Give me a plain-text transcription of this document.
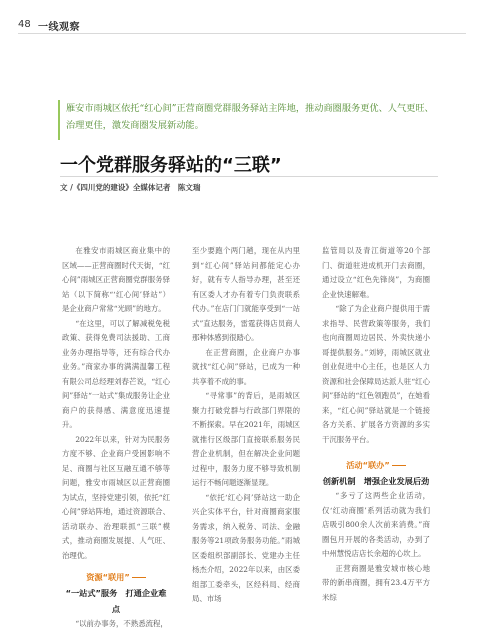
48 一线观察
雁安市雨城区依托“红心间”正营商圈党群服务驿站主阵地，推动商圈服务更优、人气更旺、治理更佳，激发商圈发展新动能。
一个党群服务驿站的“三联”
文 /《四川党的建设》全媒体记者　陈文瑞

在雅安市雨城区商业集中的区域——正营商圈时代天街，“红心间”雨城区正营商圈党群服务驿站（以下简称“‘红心间’驿站”）是企业商户常常“光顾”的地方。

“在这里，可以了解减税免税政策、获得免费司法援助、工商业务办理指导等，还有综合代办业务。”商家办事的满满温馨工程有限公司总经理刘春芒说，“红心间”驿站“一站式”集成服务让企业商户的获得感、满意度迅速提升。

2022年以来，针对为民服务方度不够、企业商户受困影响不足、商圈与社区互融互通不够等问题，雅安市雨城区以正营商圈为试点，坚持党建引领，依托“红心间”驿站阵地，通过资源联合、活动联办、治理联抓“三联”模式，推动商圈发展提、人气旺、治理优。

资源“联用”
“一站式”服务　打通企业难点

“以前办事务，不熟悉流程，

至少要跑个两门趟，现在从内里到“红心间”驿站问都能定心办好，就有专人指导办理，甚至还有区委人才办有着专门负责联系代办。”在店门门就能享受到“一站式”直达服务，雷霆获得店员商人那种体感到很踏心。

在正营商圈，企业商户办事就找“红心间”驿站，已成为一种共享着不成的事。

“寻常事”的背后，是雨城区聚力打破党群与行政部门界限的不断探索。早在2021年，雨城区就推行区级部门直接联系服务民营企业机制，但在解决企业问题过程中，服务力度不够导致机制运行不畅问题逐渐显现。

“依托‘红心间’驿站这一助企兴企实体平台，针对商圈商家服务需求，纳入税务、司法、金融服务等21项政务服务功能。”雨城区委组织部副部长、党建办主任杨杰介绍，2022年以来，由区委组部工委牵头，区经科局、经商局、市场

监管局以及青江街道等20个部门、街道驻进成机开门去商圈，通过设立“红色先锋岗”，为商圈企业快速解难。

“除了为企业商户提供用于需求指导、民营政策等服务，我们也向商圈周边居民、外卖快递小哥提供服务。”刘婷，雨城区就业创业促进中心主任，也是区人力资源和社会保障局达派人驻“红心间”驿站的“红色领跑员”，在她看来，“红心间”驿站就是一个链接各方关系、扩展各方资源的多实干沉服务平台。

活动“联办”
创新机制　增强企业发展后劲

“多亏了这两些企业活动，仅‘红动商圈’系列活动就为我们店吸引800余人次前来消费。”商圈包月开展的各类活动，办到了中州慧悦店店长余超的心坎上。

正营商圈是雅安城市核心地带的新串商圈，拥有23.4万平方米综
